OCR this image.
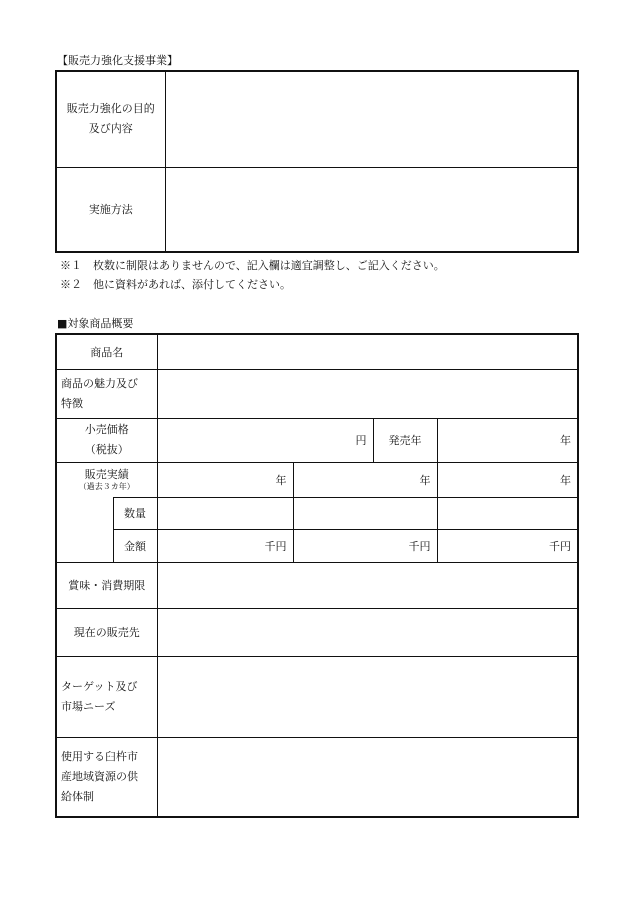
【販売力強化支援事業】
販売力強化の目的
及び内容	
実施方法	
※１　枚数に制限はありませんので、記入欄は適宜調整し、ご記入ください。
※２　他に資料があれば、添付してください。
■対象商品概要
商品名					
商品の魅力及び
特徴					
小売価格
（税抜）		円		発売年	年
販売実績
（過去３カ年）		年	年		年
	数量				
	金額	千円	千円		千円
賞味・消費期限					
現在の販売先					
ターゲット及び
市場ニーズ					
使用する臼杵市
産地域資源の供
給体制					
